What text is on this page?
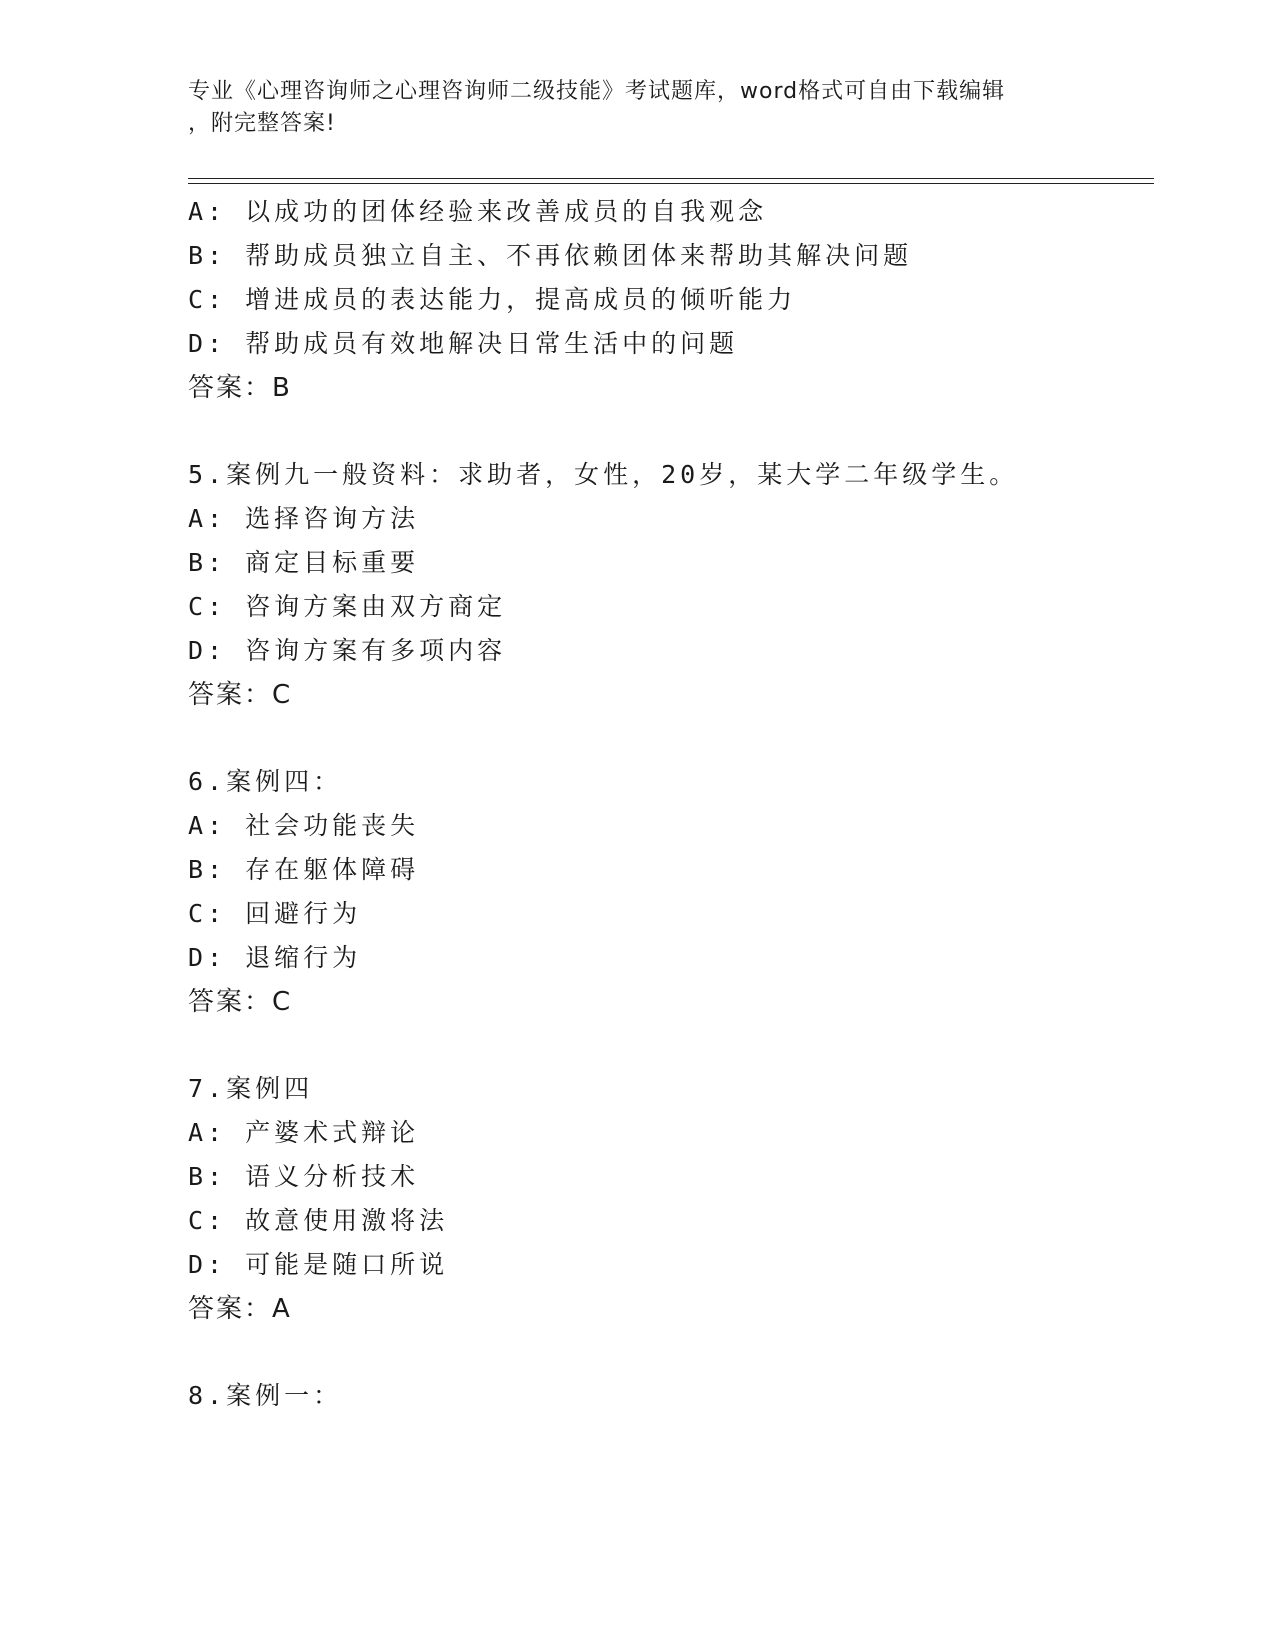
专业《心理咨询师之心理咨询师二级技能》考试题库，word格式可自由下载编辑
，附完整答案!
A: 以成功的团体经验来改善成员的自我观念
B: 帮助成员独立自主、不再依赖团体来帮助其解决问题
C: 增进成员的表达能力，提高成员的倾听能力
D: 帮助成员有效地解决日常生活中的问题
答案：B
5.案例九一般资料：求助者，女性，20岁，某大学二年级学生。
A: 选择咨询方法
B: 商定目标重要
C: 咨询方案由双方商定
D: 咨询方案有多项内容
答案：C
6.案例四：
A: 社会功能丧失
B: 存在躯体障碍
C: 回避行为
D: 退缩行为
答案：C
7.案例四
A: 产婆术式辩论
B: 语义分析技术
C: 故意使用激将法
D: 可能是随口所说
答案：A
8.案例一：
